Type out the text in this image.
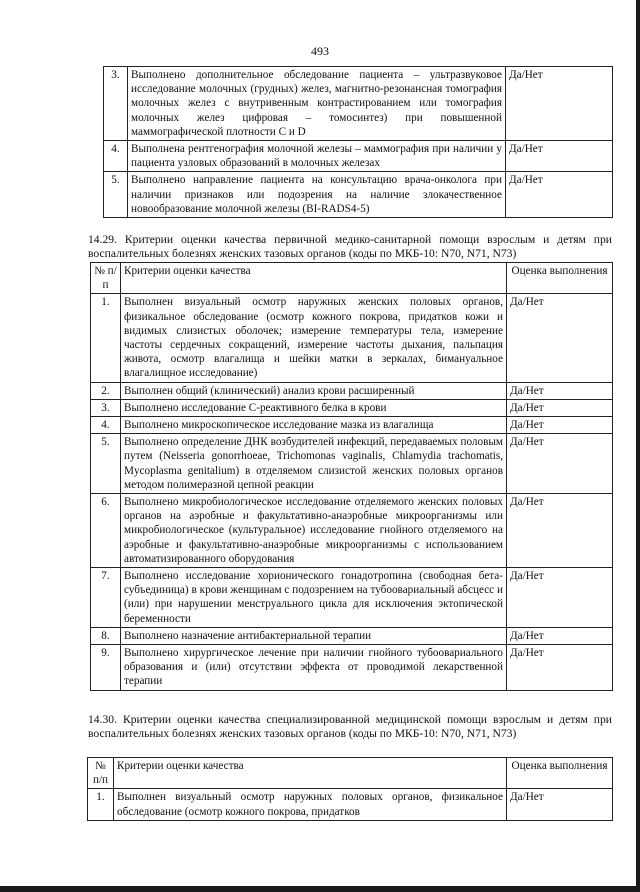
493
3.	Выполнено дополнительное обследование пациента – ультразвуковое исследование молочных (грудных) желез, магнитно-резонансная томография молочных желез с внутривенным контрастированием или томография молочных желез цифровая – томосинтез) при повышенной маммографической плотности С и D	Да/Нет
4.	Выполнена рентгенография молочной железы – маммография при наличии у пациента узловых образований в молочных железах	Да/Нет
5.	Выполнено направление пациента на консультацию врача-онколога при наличии признаков или подозрения на наличие злокачественное новообразование молочной железы (BI-RADS4-5)	Да/Нет
14.29. Критерии оценки качества первичной медико-санитарной помощи взрослым и детям при воспалительных болезнях женских тазовых органов (коды по МКБ-10: N70, N71, N73)
№ п/п	Критерии оценки качества	Оценка выполнения
1.	Выполнен визуальный осмотр наружных женских половых органов, физикальное обследование (осмотр кожного покрова, придатков кожи и видимых слизистых оболочек; измерение температуры тела, измерение частоты сердечных сокращений, измерение частоты дыхания, пальпация живота, осмотр влагалища и шейки матки в зеркалах, бимануальное влагалищное исследование)	Да/Нет
2.	Выполнен общий (клинический) анализ крови расширенный	Да/Нет
3.	Выполнено исследование С-реактивного белка в крови	Да/Нет
4.	Выполнено микроскопическое исследование мазка из влагалища	Да/Нет
5.	Выполнено определение ДНК возбудителей инфекций, передаваемых половым путем (Neisseria gonorrhoeae, Trichomonas vaginalis, Chlamydia trachomatis, Mycoplasma genitalium) в отделяемом слизистой женских половых органов методом полимеразной цепной реакции	Да/Нет
6.	Выполнено микробиологическое исследование отделяемого женских половых органов на аэробные и факультативно-анаэробные микроорганизмы или микробиологическое (культуральное) исследование гнойного отделяемого на аэробные и факультативно-анаэробные микроорганизмы с использованием автоматизированного оборудования	Да/Нет
7.	Выполнено исследование хорионического гонадотропина (свободная бета-субъединица) в крови женщинам с подозрением на тубоовариальный абсцесс и (или) при нарушении менструального цикла для исключения эктопической беременности	Да/Нет
8.	Выполнено назначение антибактериальной терапии	Да/Нет
9.	Выполнено хирургическое лечение при наличии гнойного тубоовариального образования и (или) отсутствии эффекта от проводимой лекарственной терапии	Да/Нет
14.30. Критерии оценки качества специализированной медицинской помощи взрослым и детям при воспалительных болезнях женских тазовых органов (коды по МКБ-10: N70, N71, N73)
№ п/п	Критерии оценки качества	Оценка выполнения
1.	Выполнен визуальный осмотр наружных половых органов, физикальное обследование (осмотр кожного покрова, придатков	Да/Нет
